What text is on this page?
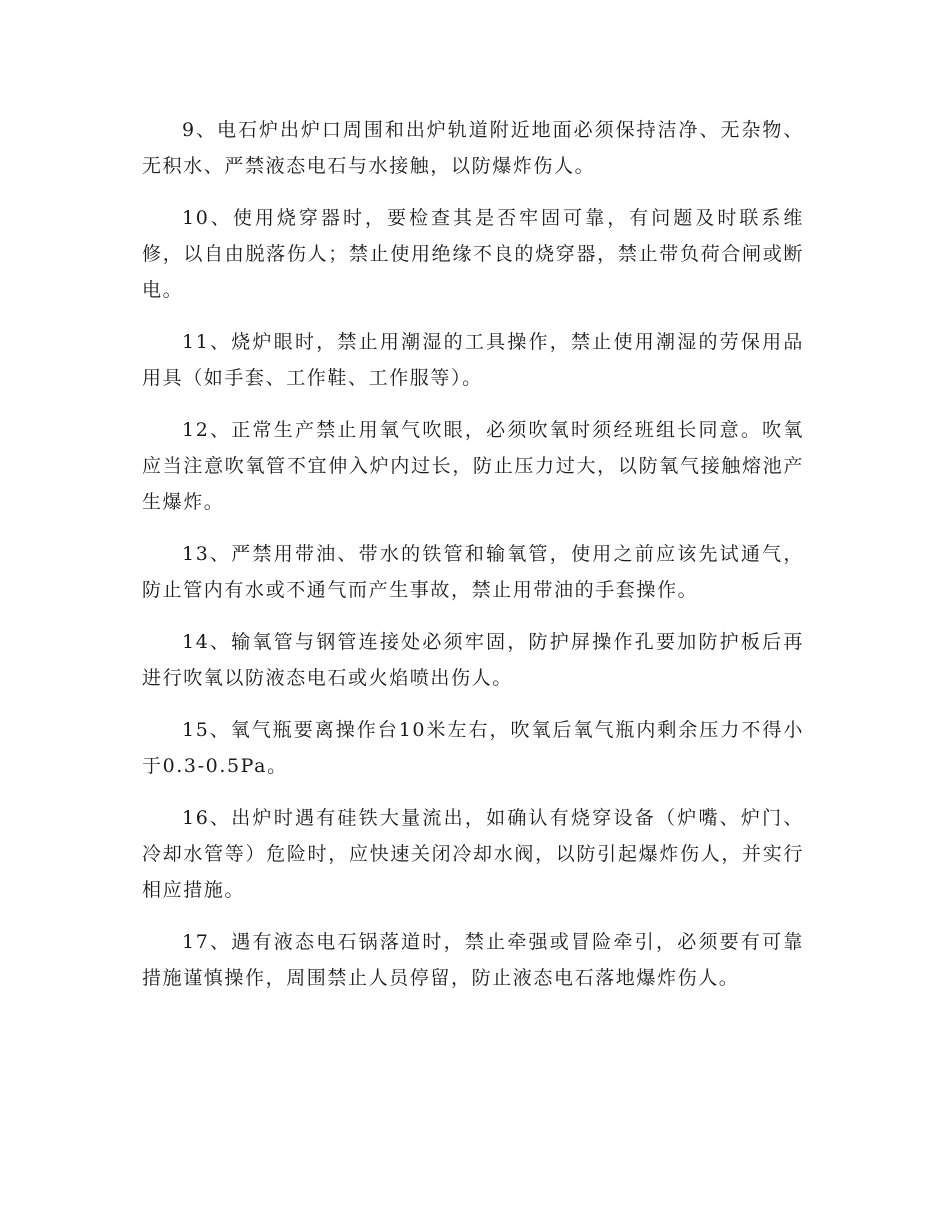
9、电石炉出炉口周围和出炉轨道附近地面必须保持洁净、无杂物、无积水、严禁液态电石与水接触，以防爆炸伤人。

10、使用烧穿器时，要检查其是否牢固可靠，有问题及时联系维修，以自由脱落伤人；禁止使用绝缘不良的烧穿器，禁止带负荷合闸或断电。

11、烧炉眼时，禁止用潮湿的工具操作，禁止使用潮湿的劳保用品用具（如手套、工作鞋、工作服等）。

12、正常生产禁止用氧气吹眼，必须吹氧时须经班组长同意。吹氧应当注意吹氧管不宜伸入炉内过长，防止压力过大，以防氧气接触熔池产生爆炸。

13、严禁用带油、带水的铁管和输氧管，使用之前应该先试通气，防止管内有水或不通气而产生事故，禁止用带油的手套操作。

14、输氧管与钢管连接处必须牢固，防护屏操作孔要加防护板后再进行吹氧以防液态电石或火焰喷出伤人。

15、氧气瓶要离操作台10米左右，吹氧后氧气瓶内剩余压力不得小于0.3-0.5Pa。

16、出炉时遇有硅铁大量流出，如确认有烧穿设备（炉嘴、炉门、冷却水管等）危险时，应快速关闭冷却水阀，以防引起爆炸伤人，并实行相应措施。

17、遇有液态电石锅落道时，禁止牵强或冒险牵引，必须要有可靠措施谨慎操作，周围禁止人员停留，防止液态电石落地爆炸伤人。
